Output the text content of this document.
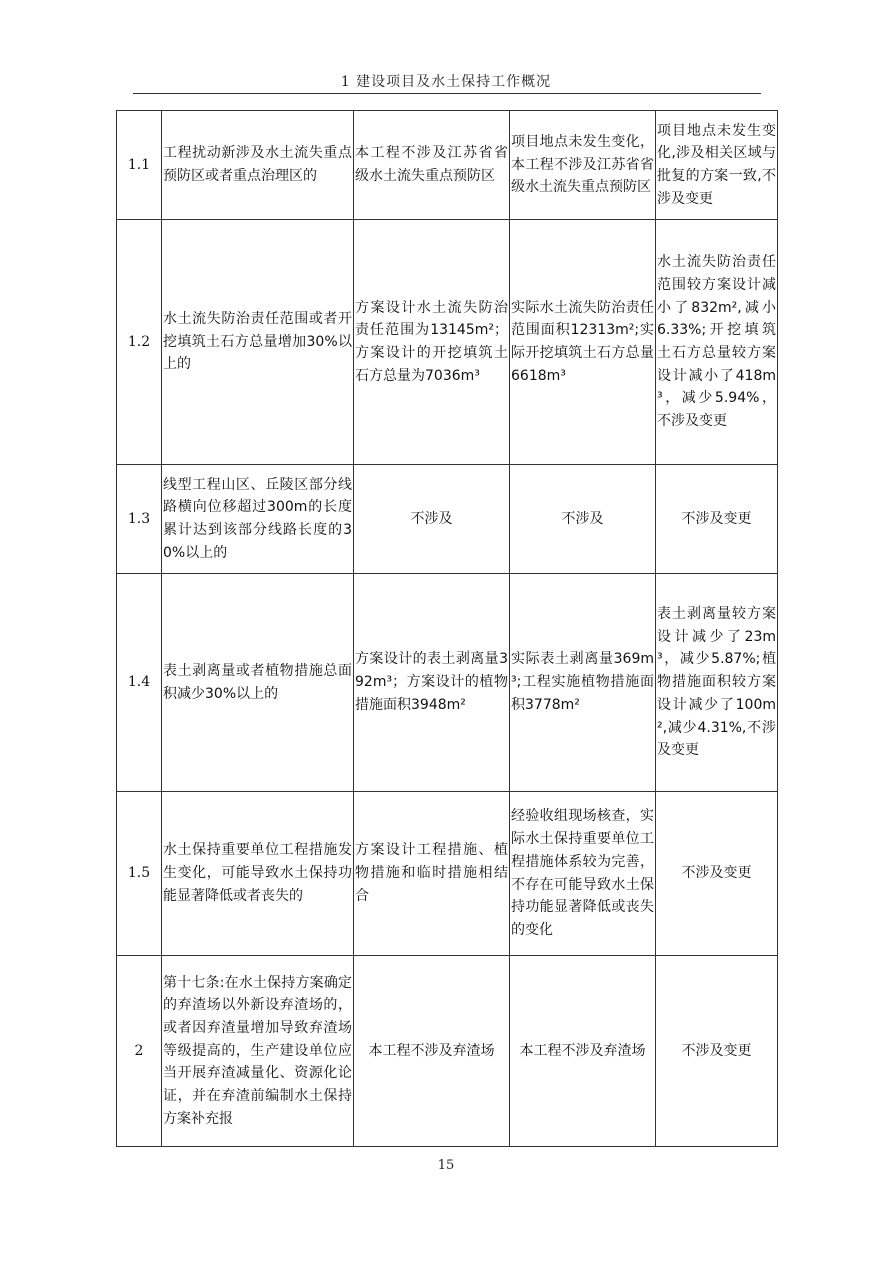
1 建设项目及水土保持工作概况
1.1	工程扰动新涉及水土流失重点预防区或者重点治理区的	本工程不涉及江苏省省级水土流失重点预防区	项目地点未发生变化，本工程不涉及江苏省省级水土流失重点预防区	项目地点未发生变化,涉及相关区域与批复的方案一致,不涉及变更
1.2	水土流失防治责任范围或者开挖填筑土石方总量增加30%以上的	方案设计水土流失防治责任范围为13145m²；方案设计的开挖填筑土石方总量为7036m³	实际水土流失防治责任范围面积12313m²;实际开挖填筑土石方总量6618m³	水土流失防治责任范围较方案设计减小了832m²,减小6.33%;开挖填筑土石方总量较方案设计减小了418m³，减少5.94%，不涉及变更
1.3	线型工程山区、丘陵区部分线路横向位移超过300m的长度累计达到该部分线路长度的30%以上的	不涉及	不涉及	不涉及变更
1.4	表土剥离量或者植物措施总面积减少30%以上的	方案设计的表土剥离量392m³；方案设计的植物措施面积3948m²	实际表土剥离量369m³;工程实施植物措施面积3778m²	表土剥离量较方案设计减少了23m³，减少5.87%;植物措施面积较方案设计减少了100m²,减少4.31%,不涉及变更
1.5	水土保持重要单位工程措施发生变化，可能导致水土保持功能显著降低或者丧失的	方案设计工程措施、植物措施和临时措施相结合	经验收组现场核查，实际水土保持重要单位工程措施体系较为完善，不存在可能导致水土保持功能显著降低或丧失的变化	不涉及变更
2	第十七条:在水土保持方案确定的弃渣场以外新设弃渣场的，或者因弃渣量增加导致弃渣场等级提高的，生产建设单位应当开展弃渣减量化、资源化论证，并在弃渣前编制水土保持方案补充报	本工程不涉及弃渣场	本工程不涉及弃渣场	不涉及变更
15
